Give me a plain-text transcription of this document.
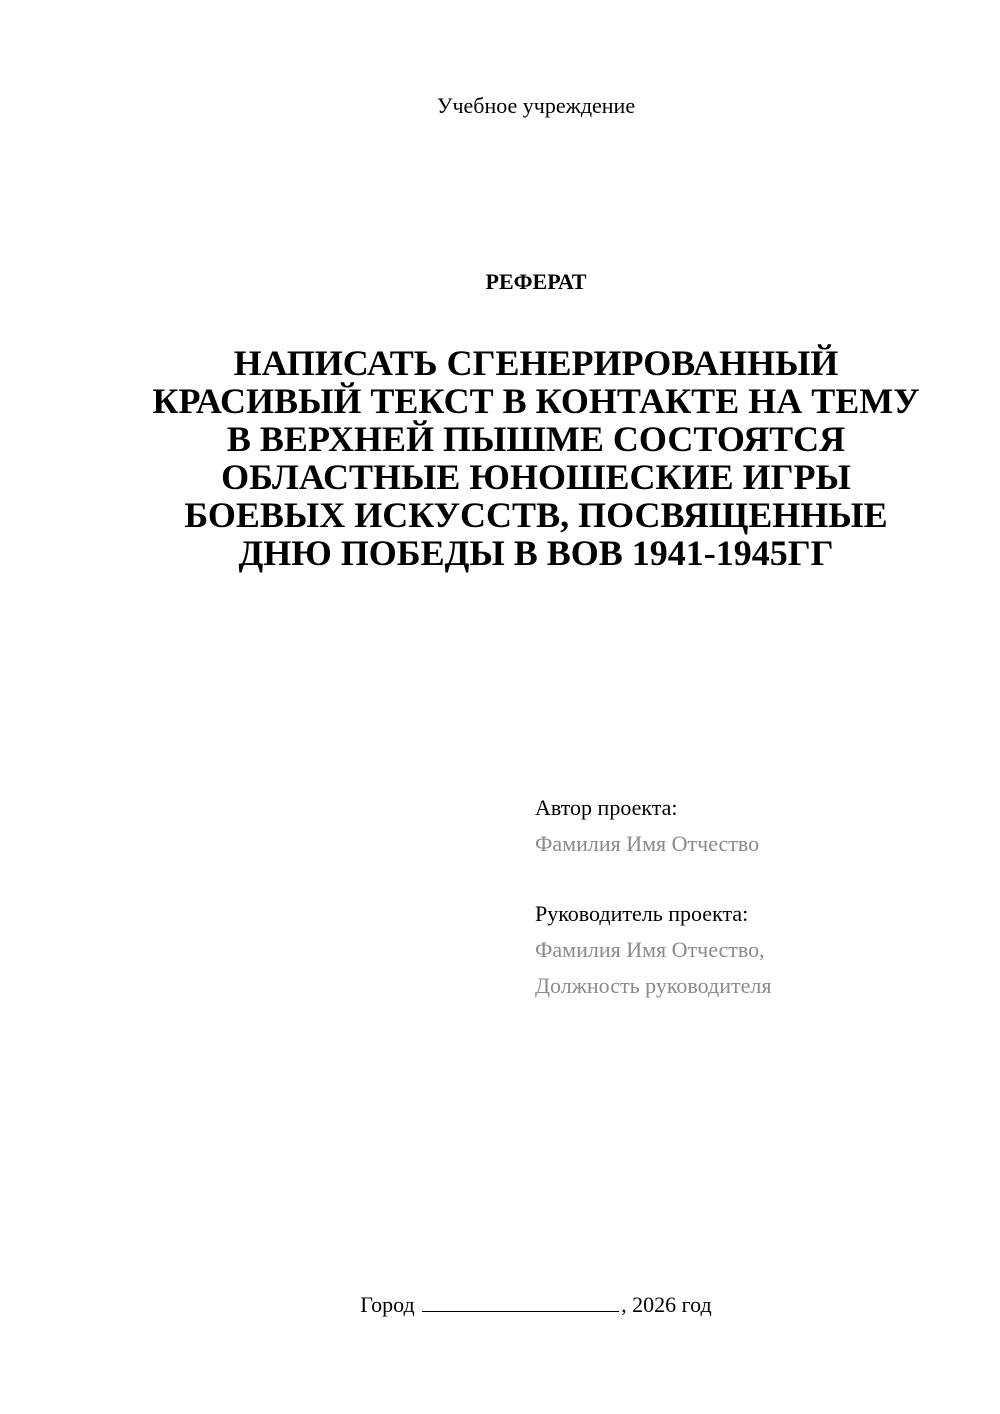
Учебное учреждение
РЕФЕРАТ
НАПИСАТЬ СГЕНЕРИРОВАННЫЙ КРАСИВЫЙ ТЕКСТ В КОНТАКТЕ НА ТЕМУ В ВЕРХНЕЙ ПЫШМЕ СОСТОЯТСЯ ОБЛАСТНЫЕ ЮНОШЕСКИЕ ИГРЫ БОЕВЫХ ИСКУССТВ, ПОСВЯЩЕННЫЕ ДНЮ ПОБЕДЫ В ВОВ 1941-1945ГГ
Автор проекта:
Фамилия Имя Отчество
Руководитель проекта:
Фамилия Имя Отчество,
Должность руководителя
Город	, 2026 год
